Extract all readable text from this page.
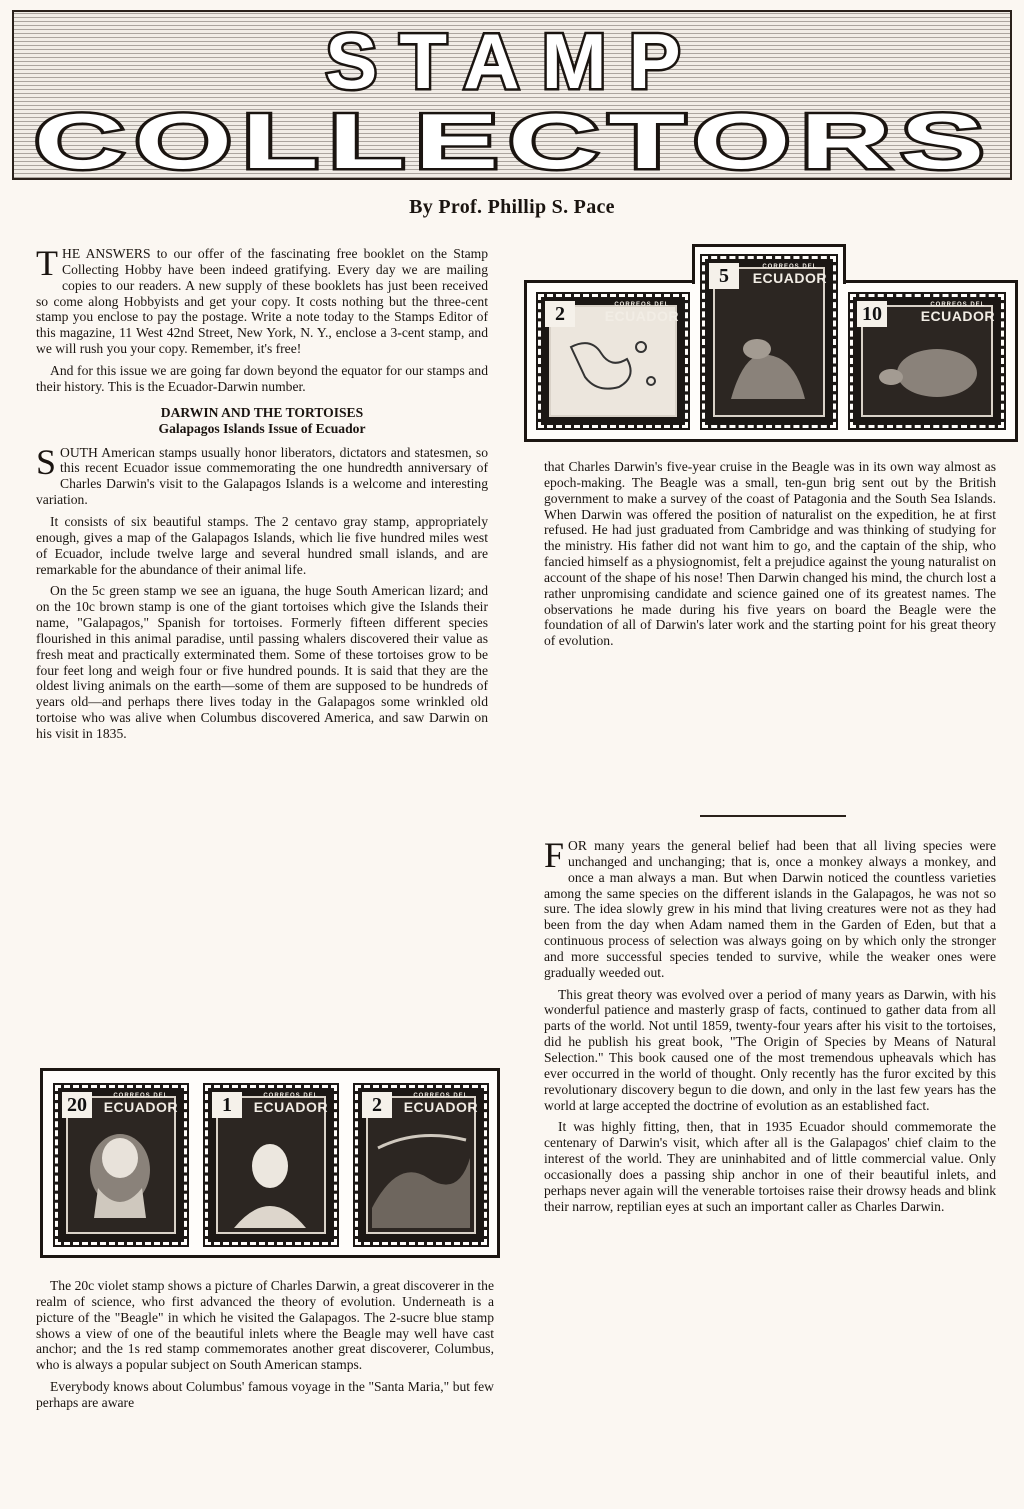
STAMP
COLLECTORS
By Prof. Phillip S. Pace

THE ANSWERS to our offer of the fascinating free booklet on the Stamp Collecting Hobby have been indeed gratifying. Every day we are mailing copies to our readers. A new supply of these booklets has just been received so come along Hobbyists and get your copy. It costs nothing but the three-cent stamp you enclose to pay the postage. Write a note today to the Stamps Editor of this magazine, 11 West 42nd Street, New York, N. Y., enclose a 3-cent stamp, and we will rush you your copy. Remember, it's free!

And for this issue we are going far down beyond the equator for our stamps and their history. This is the Ecuador-Darwin number.

DARWIN AND THE TORTOISES
Galapagos Islands Issue of Ecuador

SOUTH American stamps usually honor liberators, dictators and statesmen, so this recent Ecuador issue commemorating the one hundredth anniversary of Charles Darwin's visit to the Galapagos Islands is a welcome and interesting variation.

It consists of six beautiful stamps. The 2 centavo gray stamp, appropriately enough, gives a map of the Galapagos Islands, which lie five hundred miles west of Ecuador, include twelve large and several hundred small islands, and are remarkable for the abundance of their animal life.

On the 5c green stamp we see an iguana, the huge South American lizard; and on the 10c brown stamp is one of the giant tortoises which give the Islands their name, "Galapagos," Spanish for tortoises. Formerly fifteen different species flourished in this animal paradise, until passing whalers discovered their value as fresh meat and practically exterminated them. Some of these tortoises grow to be four feet long and weigh four or five hundred pounds. It is said that they are the oldest living animals on the earth—some of them are supposed to be hundreds of years old—and perhaps there lives today in the Galapagos some wrinkled old tortoise who was alive when Columbus discovered America, and saw Darwin on his visit in 1835.

20	CORREOS DEL
ECUADOR	1	CORREOS DEL
ECUADOR	2	CORREOS DEL
ECUADOR

The 20c violet stamp shows a picture of Charles Darwin, a great discoverer in the realm of science, who first advanced the theory of evolution. Underneath is a picture of the "Beagle" in which he visited the Galapagos. The 2-sucre blue stamp shows a view of one of the beautiful inlets where the Beagle may well have cast anchor; and the 1s red stamp commemorates another great discoverer, Columbus, who is always a popular subject on South American stamps.

Everybody knows about Columbus' famous voyage in the "Santa Maria," but few perhaps are aware

2	CORREOS DEL
ECUADOR
5	CORREOS DEL
ECUADOR
10	CORREOS DEL
ECUADOR

that Charles Darwin's five-year cruise in the Beagle was in its own way almost as epoch-making. The Beagle was a small, ten-gun brig sent out by the British government to make a survey of the coast of Patagonia and the South Sea Islands. When Darwin was offered the position of naturalist on the expedition, he at first refused. He had just graduated from Cambridge and was thinking of studying for the ministry. His father did not want him to go, and the captain of the ship, who fancied himself as a physiognomist, felt a prejudice against the young naturalist on account of the shape of his nose! Then Darwin changed his mind, the church lost a rather unpromising candidate and science gained one of its greatest names. The observations he made during his five years on board the Beagle were the foundation of all of Darwin's later work and the starting point for his great theory of evolution.

FOR many years the general belief had been that all living species were unchanged and unchanging; that is, once a monkey always a monkey, and once a man always a man. But when Darwin noticed the countless varieties among the same species on the different islands in the Galapagos, he was not so sure. The idea slowly grew in his mind that living creatures were not as they had been from the day when Adam named them in the Garden of Eden, but that a continuous process of selection was always going on by which only the stronger and more successful species tended to survive, while the weaker ones were gradually weeded out.

This great theory was evolved over a period of many years as Darwin, with his wonderful patience and masterly grasp of facts, continued to gather data from all parts of the world. Not until 1859, twenty-four years after his visit to the tortoises, did he publish his great book, "The Origin of Species by Means of Natural Selection." This book caused one of the most tremendous upheavals which has ever occurred in the world of thought. Only recently has the furor excited by this revolutionary discovery begun to die down, and only in the last few years has the world at large accepted the doctrine of evolution as an established fact.

It was highly fitting, then, that in 1935 Ecuador should commemorate the centenary of Darwin's visit, which after all is the Galapagos' chief claim to the interest of the world. They are uninhabited and of little commercial value. Only occasionally does a passing ship anchor in one of their beautiful inlets, and perhaps never again will the venerable tortoises raise their drowsy heads and blink their narrow, reptilian eyes at such an important caller as Charles Darwin.
